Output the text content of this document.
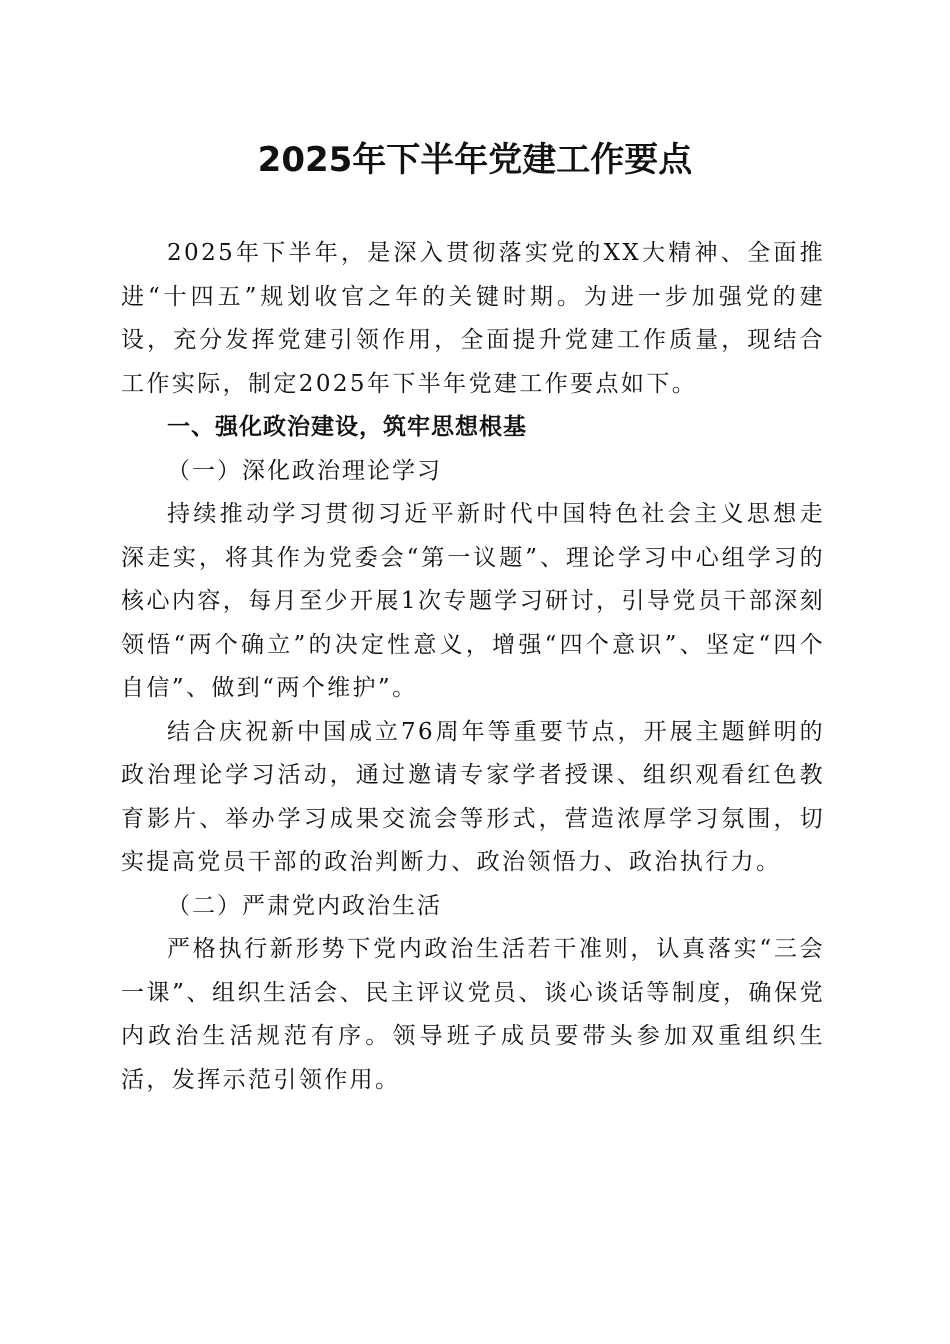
2025年下半年党建工作要点

2025年下半年，是深入贯彻落实党的XX大精神、全面推进“十四五”规划收官之年的关键时期。为进一步加强党的建设，充分发挥党建引领作用，全面提升党建工作质量，现结合工作实际，制定2025年下半年党建工作要点如下。

一、强化政治建设，筑牢思想根基
（一）深化政治理论学习

持续推动学习贯彻习近平新时代中国特色社会主义思想走深走实，将其作为党委会“第一议题”、理论学习中心组学习的核心内容，每月至少开展1次专题学习研讨，引导党员干部深刻领悟“两个确立”的决定性意义，增强“四个意识”、坚定“四个自信”、做到“两个维护”。

结合庆祝新中国成立76周年等重要节点，开展主题鲜明的政治理论学习活动，通过邀请专家学者授课、组织观看红色教育影片、举办学习成果交流会等形式，营造浓厚学习氛围，切实提高党员干部的政治判断力、政治领悟力、政治执行力。

（二）严肃党内政治生活

严格执行新形势下党内政治生活若干准则，认真落实“三会一课”、组织生活会、民主评议党员、谈心谈话等制度，确保党内政治生活规范有序。领导班子成员要带头参加双重组织生活，发挥示范引领作用。
